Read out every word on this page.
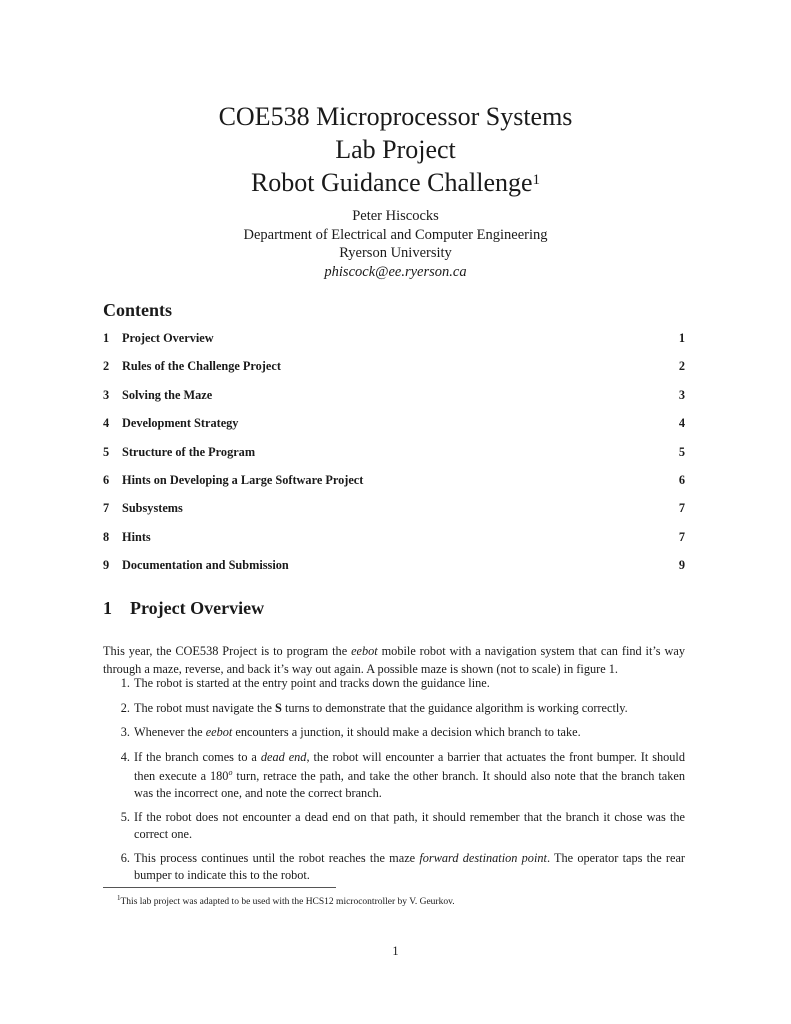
COE538 Microprocessor Systems
Lab Project
Robot Guidance Challenge$^1$
Peter Hiscocks
Department of Electrical and Computer Engineering
Ryerson University
phiscock@ee.ryerson.ca
Contents
1	Project Overview	1
2	Rules of the Challenge Project	2
3	Solving the Maze	3
4	Development Strategy	4
5	Structure of the Program	5
6	Hints on Developing a Large Software Project	6
7	Subsystems	7
8	Hints	7
9	Documentation and Submission	9
1 Project Overview

This year, the COE538 Project is to program the eebot mobile robot with a navigation system that can find it’s way through a maze, reverse, and back it’s way out again. A possible maze is shown (not to scale) in figure 1.

1. The robot is started at the entry point and tracks down the guidance line.
2. The robot must navigate the S turns to demonstrate that the guidance algorithm is working correctly.
3. Whenever the eebot encounters a junction, it should make a decision which branch to take.
4. If the branch comes to a dead end, the robot will encounter a barrier that actuates the front bumper. It should then execute a 180$^o$ turn, retrace the path, and take the other branch. It should also note that the branch taken was the incorrect one, and note the correct branch.
5. If the robot does not encounter a dead end on that path, it should remember that the branch it chose was the correct one.
6. This process continues until the robot reaches the maze forward destination point. The operator taps the rear bumper to indicate this to the robot.
$^1$This lab project was adapted to be used with the HCS12 microcontroller by V. Geurkov.
1
